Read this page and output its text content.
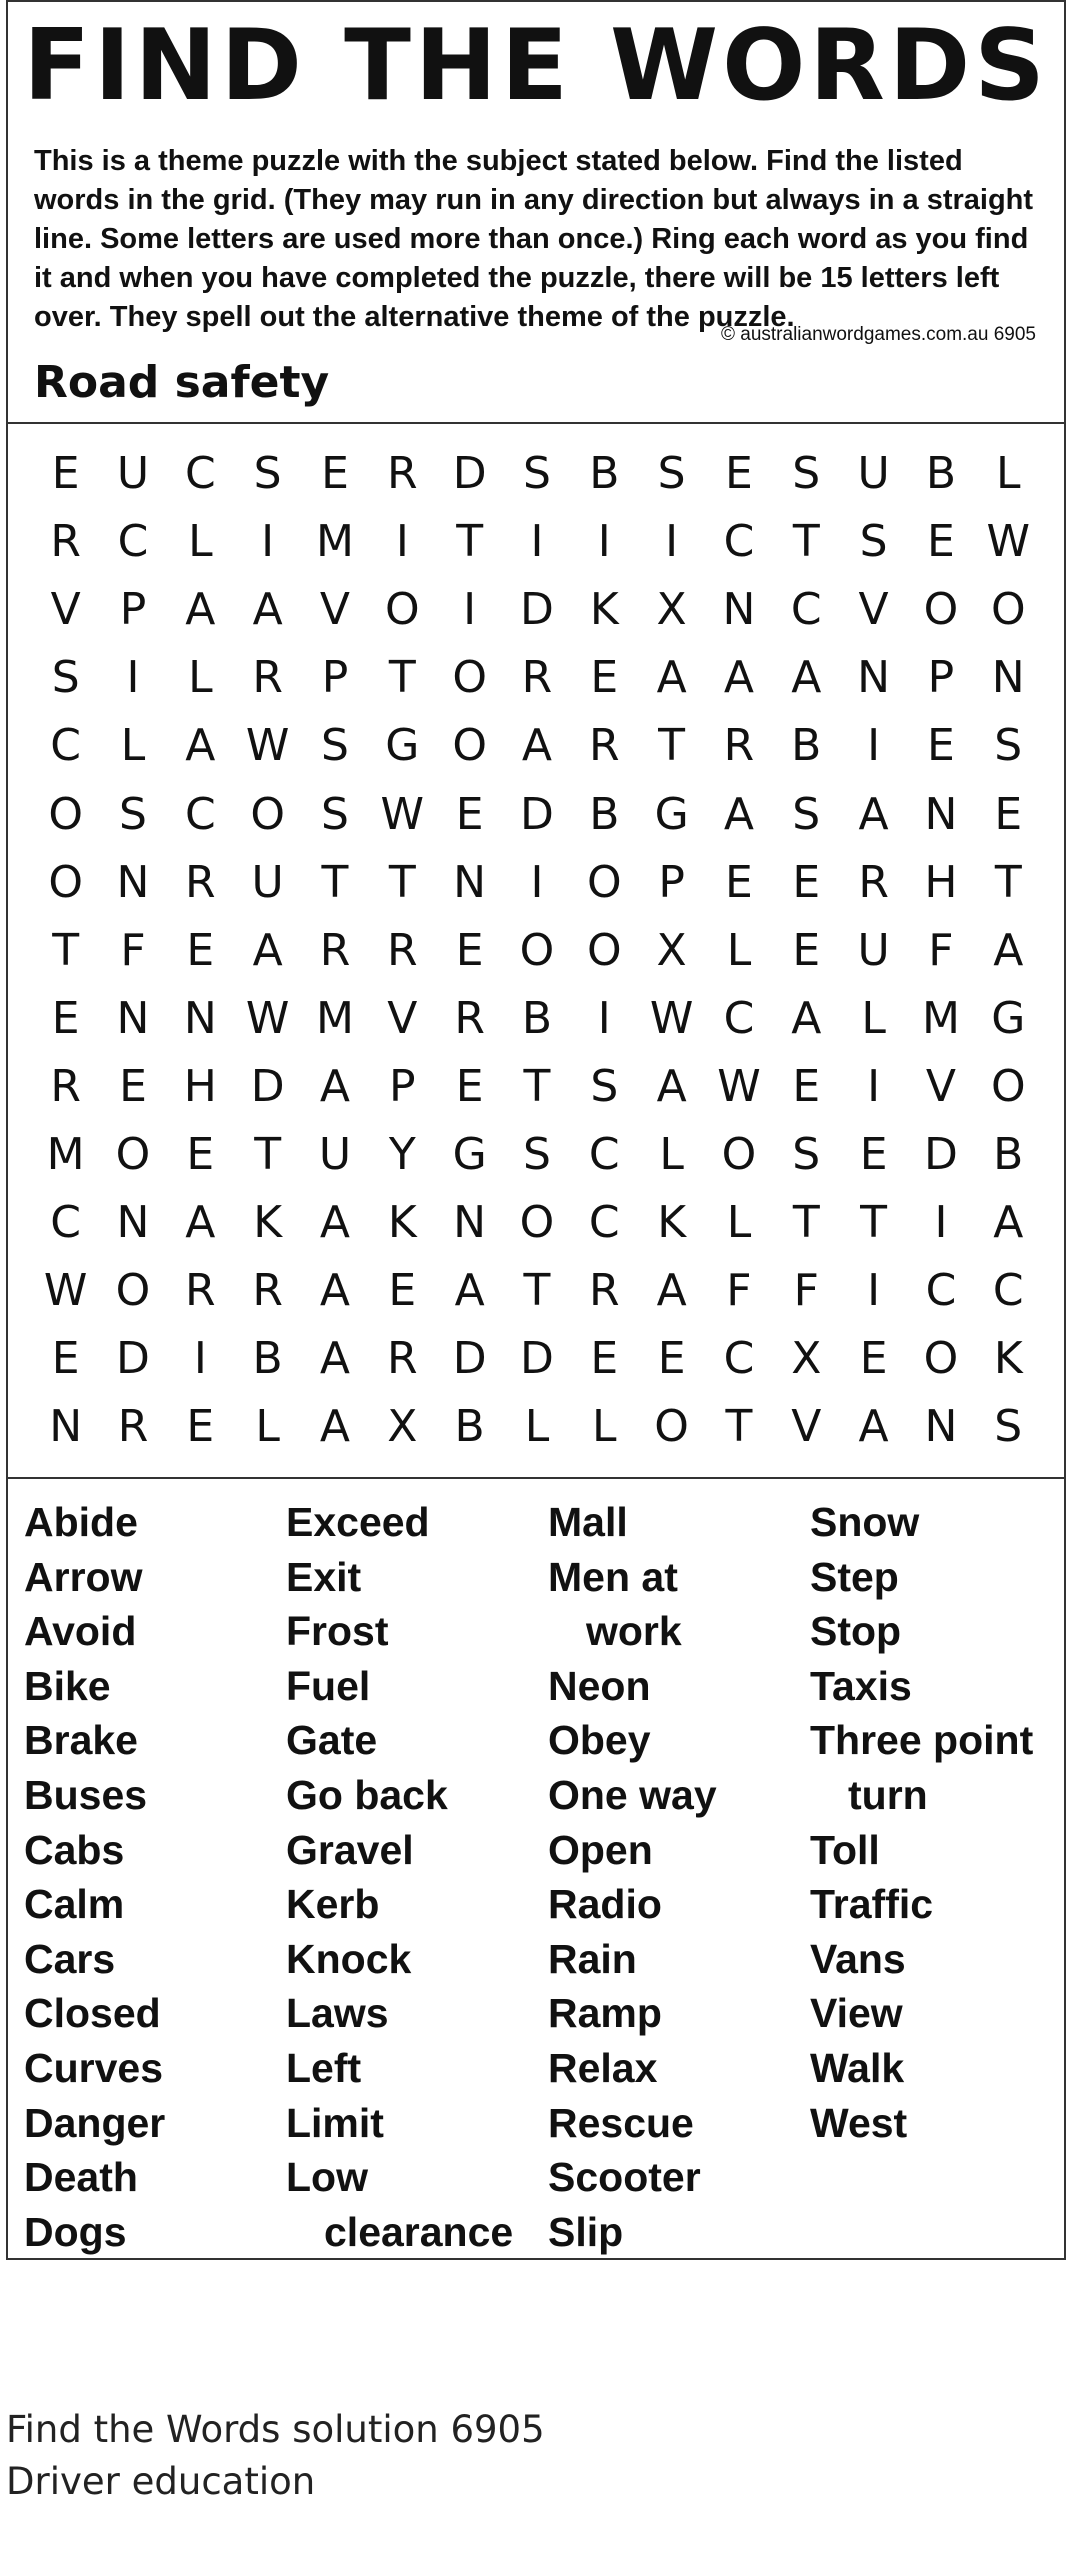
FIND THE WORDS
This is a theme puzzle with the subject stated below. Find the listed words in the grid. (They may run in any direction but always in a straight line. Some letters are used more than once.) Ring each word as you find it and when you have completed the puzzle, there will be 15 letters left over. They spell out the alternative theme of the puzzle.
© australianwordgames.com.au 6905
Road safety
E U C S E R D S B S E S U B L
R C L	I M I	T	I	I	I	C T S E W
V P A A V O I D K X N C V O O
S	I	L R P T O R E A A A N P N
C L A W S G O A R T R B	I	E S
O S C O S W E D B G A S A N E
O N R U T T N	I O P E E R H T
T F E A R R E O O X L E U F A
E N N W M V R B	I W C A L M G
R E H D A P E T S A W E	I	V O
M O E T U Y G S C L O S E D B
C N A K A K N O C K L T T	I	A
W O R R A E A T R A F F	I	C C
E D I	B A R D D E E C X E O K
N R E L A X B L L O T V A N S
Abide
Arrow
Avoid
Bike
Brake
Buses
Cabs
Calm
Cars
Closed
Curves
Danger
Death
Dogs
Exceed
Exit
Frost
Fuel
Gate
Go back
Gravel
Kerb
Knock
Laws
Left
Limit
Low
clearance
Mall
Men at
work
Neon
Obey
One way
Open
Radio
Rain
Ramp
Relax
Rescue
Scooter
Slip
Snow
Step
Stop
Taxis
Three point
turn
Toll
Traffic
Vans
View
Walk
West
Find the Words solution 6905
Driver education
